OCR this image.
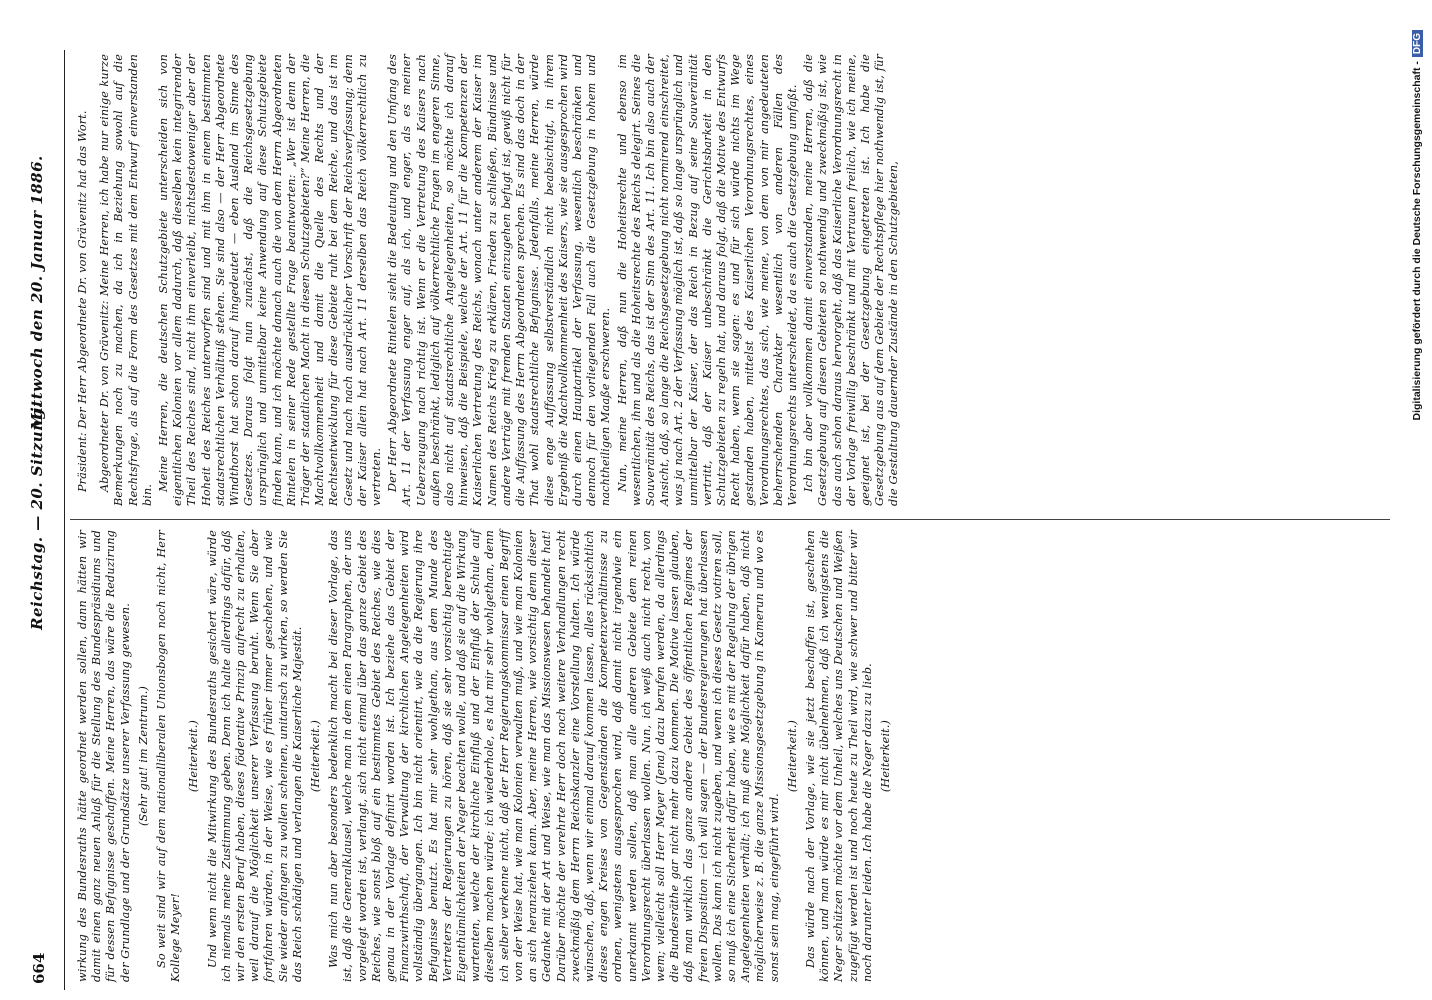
664
Reichstag. — 20. Sitzung.
Mittwoch den 20. Januar 1886.

wirkung des Bundesraths hätte geordnet werden sollen, dann hätten wir damit einen ganz neuen Anlaß für die Stellung des Bundespräsidiums und für dessen Befugnisse geschaffen. Meine Herren, das wäre die Reduzirung der Grundlage und der Grundsätze unserer Verfassung gewesen. (Sehr gut! im Zentrum.) So weit sind wir auf dem nationalliberalen Unionsbogen noch nicht, Herr Kollege Meyer!

(Heiterkeit.) Und wenn nicht die Mitwirkung des Bundesraths gesichert wäre, würde ich niemals meine Zustimmung geben. Denn ich halte allerdings dafür, daß wir den ersten Beruf haben, dieses föderative Prinzip aufrecht zu erhalten, weil darauf die Möglichkeit unserer Verfassung beruht. Wenn Sie aber fortfahren würden, in der Weise, wie es früher immer geschehen, und wie Sie wieder anfangen zu wollen scheinen, unitarisch zu wirken, so werden Sie das Reich schädigen und verlangen die Kaiserliche Majestät. (Heiterkeit.) Was mich nun aber besonders bedenklich macht bei dieser Vorlage, das ist, daß die Generalklausel, welche man in dem einen Paragraphen, der uns vorgelegt worden ist, verlangt, sich nicht einmal über das ganze Gebiet des Reiches, wie sonst bloß auf ein bestimmtes Gebiet des Reiches, wie dies genau in der Vorlage definirt worden ist. Ich beziehe das Gebiet der Finanzwirthschaft, der Verwaltung der kirchlichen Angelegenheiten wird vollständig übergangen. Ich bin nicht orientirt, wie da die Regierung ihre Befugnisse benutzt. Es hat mir sehr wohlgethan, aus dem Munde des Vertreters der Regierungen zu hören, daß sie sehr vorsichtig berechtigte Eigenthümlichkeiten der Neger beachten wolle, und daß sie auf die Wirkung wartenten, welche der kirchliche Einfluß und der Einfluß der Schule auf dieselben machen würde; ich wiederhole, es hat mir sehr wohlgethan, denn ich selber verkenne nicht, daß der Herr Regierungskommissar einen Begriff von der Weise hat, wie man Kolonien verwalten muß, und wie man Kolonien an sich heranziehen kann. Aber, meine Herren, wie vorsichtig denn dieser Gedanke mit der Art und Weise, wie man das Missionswesen behandelt hat! Darüber möchte der verehrte Herr doch noch weitere Verhandlungen recht zweckmäßig dem Herrn Reichskanzler eine Vorstellung halten. Ich würde wünschen, daß, wenn wir einmal darauf kommen lassen, alles rücksichtlich dieses engen Kreises von Gegenständen die Kompetenzverhältnisse zu ordnen, wenigstens ausgesprochen wird, daß damit nicht irgendwie ein unerkannt werden sollen, daß man alle anderen Gebiete dem reinen Verordnungsrecht überlassen wollen. Nun, ich weiß auch nicht recht, von wem; vielleicht soll Herr Meyer (Jena) dazu berufen werden, da allerdings die Bundesräthe gar nicht mehr dazu kommen. Die Motive lassen glauben, daß man wirklich das ganze andere Gebiet des öffentlichen Regimes der freien Disposition — ich will sagen — der Bundesregierungen hat überlassen wollen. Das kann ich nicht zugeben, und wenn ich dieses Gesetz votiren soll, so muß ich eine Sicherheit dafür haben, wie es mit der Regelung der übrigen Angelegenheiten verhält; ich muß eine Möglichkeit dafür haben, daß nicht möglicherweise z. B. die ganze Missionsgesetzgebung in Kamerun und wo es sonst sein mag, eingeführt wird.

(Heiterkeit.) Das würde nach der Vorlage, wie sie jetzt beschaffen ist, geschehen können, und man würde es mir nicht übelnehmen, daß ich wenigstens die Neger schützen möchte vor dem Unheil, welches uns Deutschen und Weißen zugefügt werden ist und noch heute zu Theil wird, wie schwer und bitter wir noch darunter leiden. Ich habe die Neger dazu zu lieb. (Heiterkeit.)

Präsident: Der Herr Abgeordnete Dr. von Grävenitz hat das Wort. Abgeordneter Dr. von Grävenitz: Meine Herren, ich habe nur einige kurze Bemerkungen noch zu machen, da ich in Beziehung sowohl auf die Rechtsfrage, als auf die Form des Gesetzes mit dem Entwurf einverstanden bin.

Meine Herren, die deutschen Schutzgebiete unterscheiden sich von eigentlichen Kolonien vor allem dadurch, daß dieselben kein integrirender Theil des Reiches sind, nicht ihm einverleibt, nichtsdestoweniger aber der Hoheit des Reiches unterworfen sind und mit ihm in einem bestimmten staatsrechtlichen Verhältniß stehen. Sie sind also — der Herr Abgeordnete Windthorst hat schon darauf hingedeutet — eben Ausland im Sinne des Gesetzes. Daraus folgt nun zunächst, daß die Reichsgesetzgebung ursprünglich und unmittelbar keine Anwendung auf diese Schutzgebiete finden kann, und ich möchte danach auch die von dem Herrn Abgeordneten Rintelen in seiner Rede gestellte Frage beantworten: „Wer ist denn der Träger der staatlichen Macht in diesen Schutzgebieten?“ Meine Herren, die Machtvollkommenheit und damit die Quelle des Rechts und der Rechtsentwicklung für diese Gebiete ruht bei dem Reiche, und das ist im Gesetz und nach nach ausdrücklicher Vorschrift der Reichsverfassung; denn der Kaiser allein hat nach Art. 11 derselben das Reich völkerrechtlich zu vertreten. Der Herr Abgeordnete Rintelen sieht die Bedeutung und den Umfang des Art. 11 der Verfassung enger auf, als ich, und enger, als es meiner Ueberzeugung nach richtig ist. Wenn er die Vertretung des Kaisers nach außen beschränkt, lediglich auf völkerrechtliche Fragen im engeren Sinne, also nicht auf staatsrechtliche Angelegenheiten, so möchte ich darauf hinweisen, daß die Beispiele, welche der Art. 11 für die Kompetenzen der Kaiserlichen Vertretung des Reichs, wonach unter anderem der Kaiser im Namen des Reichs Krieg zu erklären, Frieden zu schließen, Bündnisse und andere Verträge mit fremden Staaten einzugehen befugt ist, gewiß nicht für die Auffassung des Herrn Abgeordneten sprechen. Es sind das doch in der That wohl staatsrechtliche Befugnisse. Jedenfalls, meine Herren, würde diese enge Auffassung selbstverständlich nicht beabsichtigt, in ihrem Ergebniß die Machtvollkommenheit des Kaisers, wie sie ausgesprochen wird durch einen Hauptartikel der Verfassung, wesentlich beschränken und dennoch für den vorliegenden Fall auch die Gesetzgebung in hohem und nachtheiligen Maaße erschweren. Nun, meine Herren, daß nun die Hoheitsrechte und ebenso im wesentlichen, ihm und als die Hoheitsrechte des Reichs delegirt. Seines die Souveränität des Reichs, das ist der Sinn des Art. 11. Ich bin also auch der Ansicht, daß, so lange die Reichsgesetzgebung nicht normirend einschreitet, was ja nach Art. 2 der Verfassung möglich ist, daß so lange ursprünglich und unmittelbar der Kaiser, der das Reich in Bezug auf seine Souveränität vertritt, daß der Kaiser unbeschränkt die Gerichtsbarkeit in den Schutzgebieten zu regeln hat, und daraus folgt, daß die Motive des Entwurfs Recht haben, wenn sie sagen: es und für sich würde nichts im Wege gestanden haben, mittelst des Kaiserlichen Verordnungsrechtes, eines Verordnungsrechtes, das sich, wie meine, von dem von mir angedeuteten beherrschenden Charakter wesentlich von anderen Fällen des Verordnungsrechts unterscheidet, da es auch die Gesetzgebung umfaßt. Ich bin aber vollkommen damit einverstanden, meine Herren, daß die Gesetzgebung auf diesen Gebieten so nothwendig und zweckmäßig ist, wie das auch schon daraus hervorgeht, daß das Kaiserliche Verordnungsrecht in der Vorlage freiwillig beschränkt und mit Vertrauen freilich, wie ich meine, geeignet ist, bei der Gesetzgebung eingetreten ist. Ich habe die Gesetzgebung aus auf dem Gebiete der Rechtspflege hier nothwendig ist, für die Gestaltung dauernder Zustände in den Schutzgebieten,	Digitalisierung gefördert durch die Deutsche Forschungsgemeinschaft -DFG
